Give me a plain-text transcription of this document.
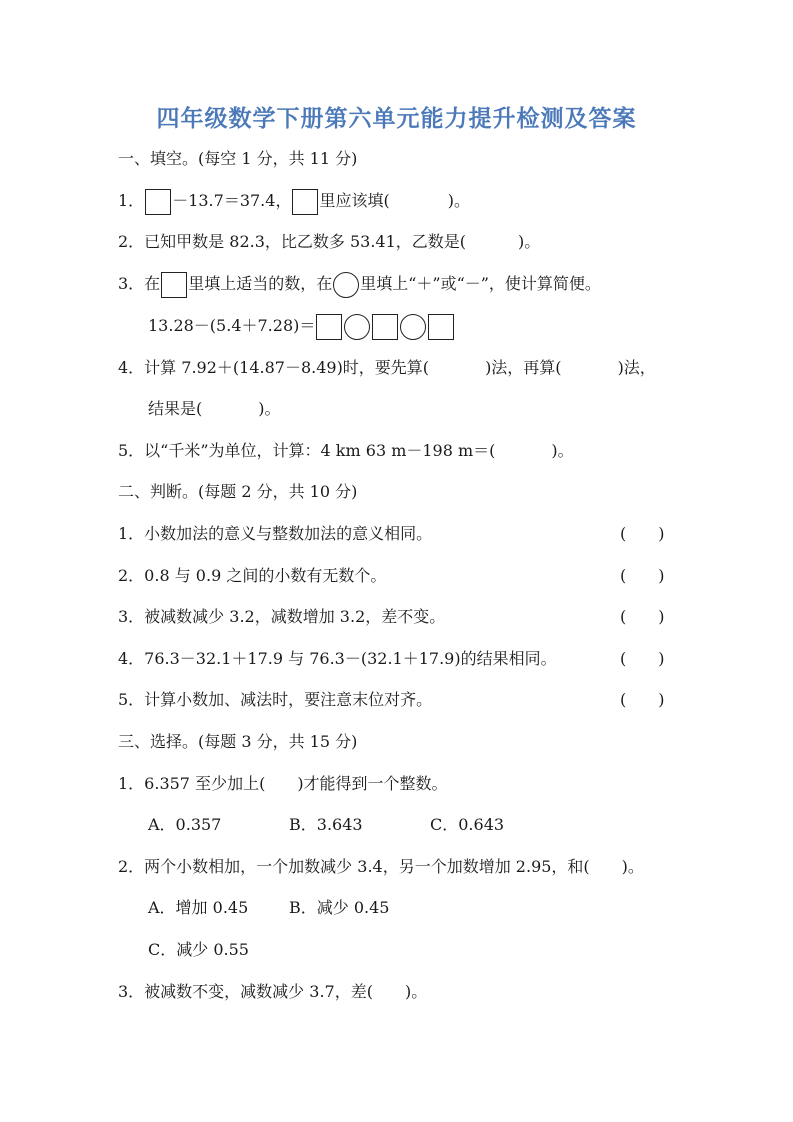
四年级数学下册第六单元能力提升检测及答案
一、填空。(每空 1 分，共 11 分)
1． －13.7＝37.4， 里应该填(	)。
2．已知甲数是 82.3，比乙数多 53.41，乙数是(	)。
3．在 里填上适当的数，在 里填上“＋”或“－”，使计算简便。
13.28－(5.4＋7.28)＝
4．计算 7.92＋(14.87－8.49)时，要先算(	)法，再算(	)法，
结果是(	)。
5．以“千米”为单位，计算：4 km 63 m－198 m＝(	)。
二、判断。(每题 2 分，共 10 分)
1．小数加法的意义与整数加法的意义相同。	(　　)
2．0.8 与 0.9 之间的小数有无数个。	(　　)
3．被减数减少 3.2，减数增加 3.2，差不变。	(　　)
4．76.3－32.1＋17.9 与 76.3－(32.1＋17.9)的结果相同。	(　　)
5．计算小数加、减法时，要注意末位对齐。	(　　)
三、选择。(每题 3 分，共 15 分)
1．6.357 至少加上(　　)才能得到一个整数。
A．0.357	B．3.643	C．0.643
2．两个小数相加，一个加数减少 3.4，另一个加数增加 2.95，和(　　)。
A．增加 0.45	B．减少 0.45
C．减少 0.55
3．被减数不变，减数减少 3.7，差(　　)。
